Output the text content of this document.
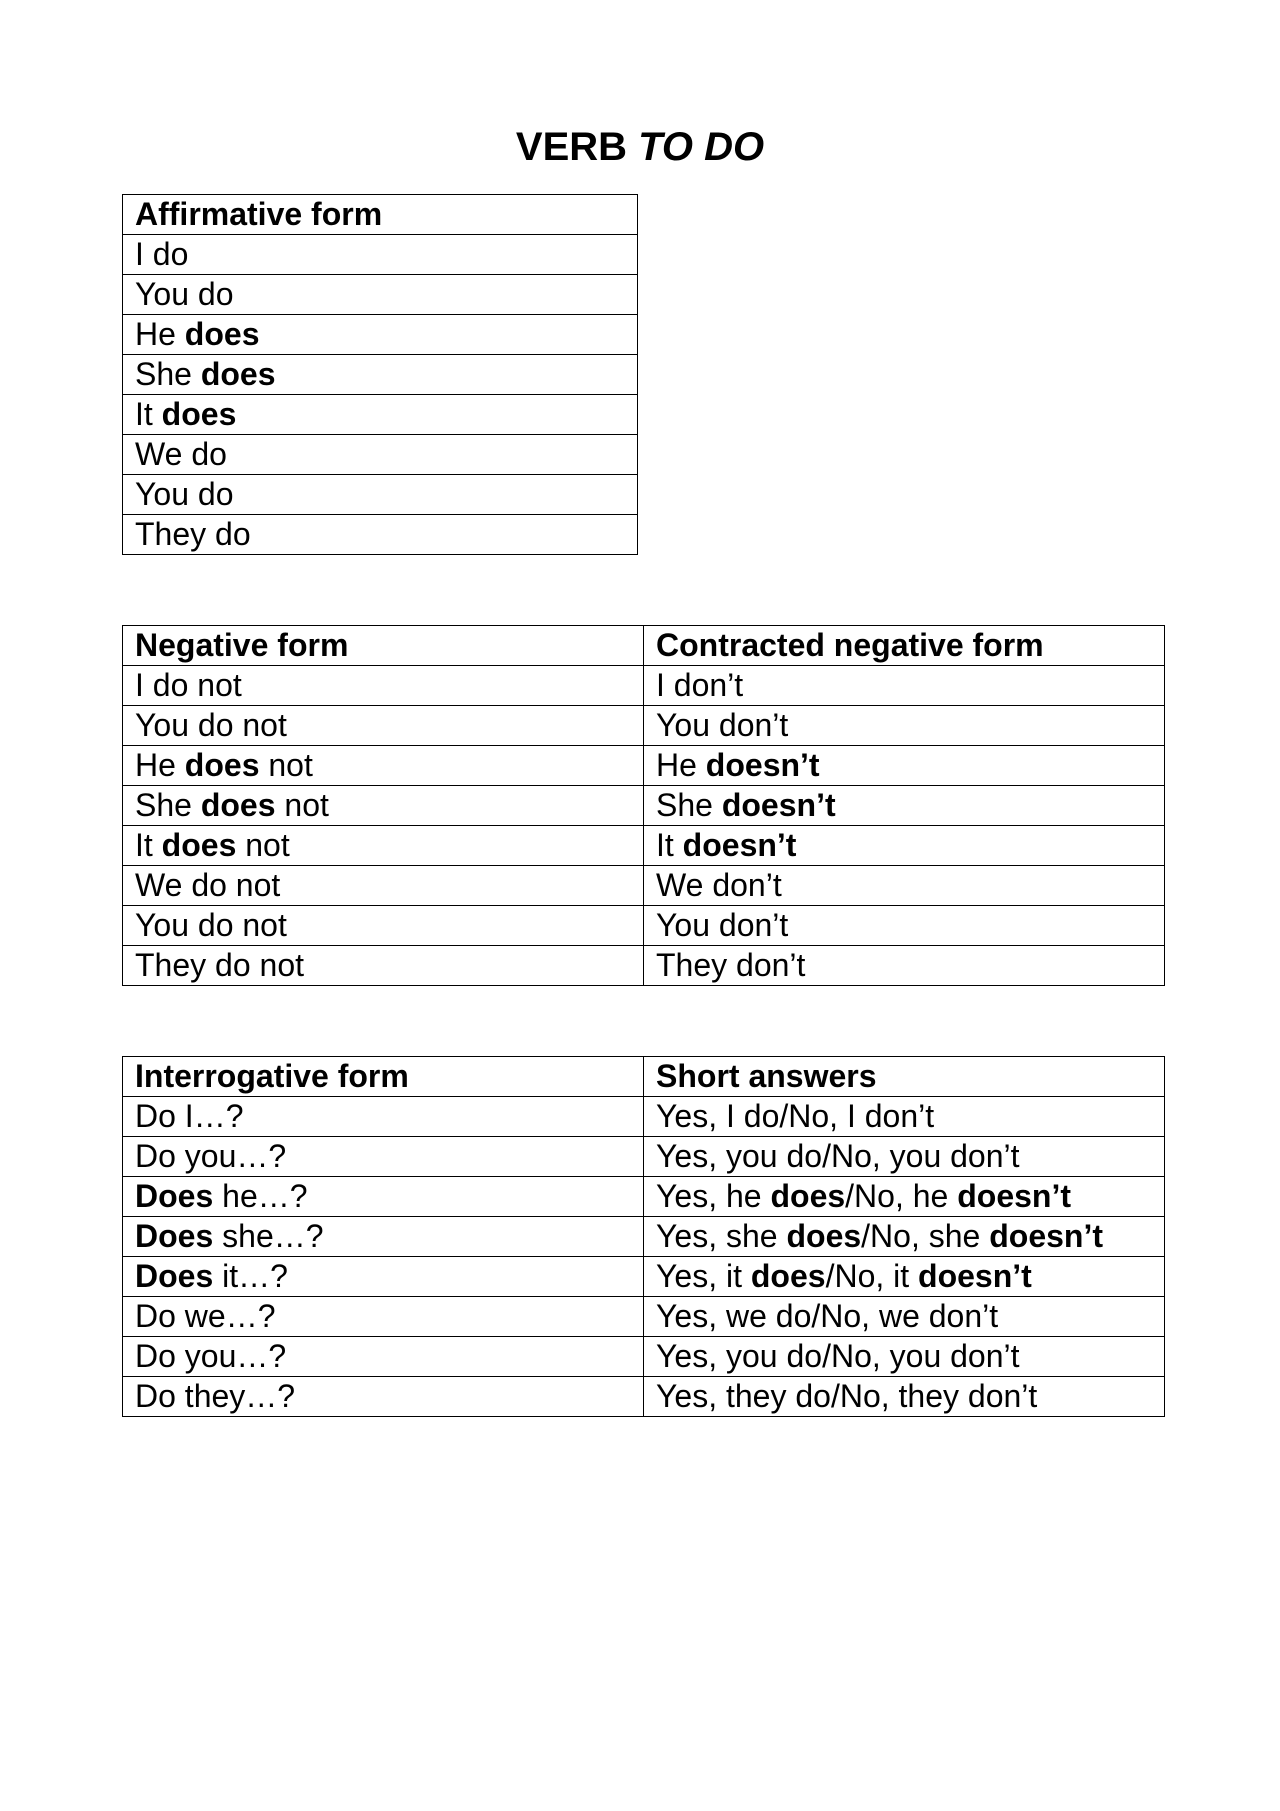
VERB TO DO
Affirmative form
I do
You do
He does
She does
It does
We do
You do
They do
Negative form	Contracted negative form
I do not	I don’t
You do not	You don’t
He does not	He doesn’t
She does not	She doesn’t
It does not	It doesn’t
We do not	We don’t
You do not	You don’t
They do not	They don’t
Interrogative form	Short answers
Do I…?	Yes, I do/No, I don’t
Do you…?	Yes, you do/No, you don’t
Does he…?	Yes, he does/No, he doesn’t
Does she…?	Yes, she does/No, she doesn’t
Does it…?	Yes, it does/No, it doesn’t
Do we…?	Yes, we do/No, we don’t
Do you…?	Yes, you do/No, you don’t
Do they…?	Yes, they do/No, they don’t
